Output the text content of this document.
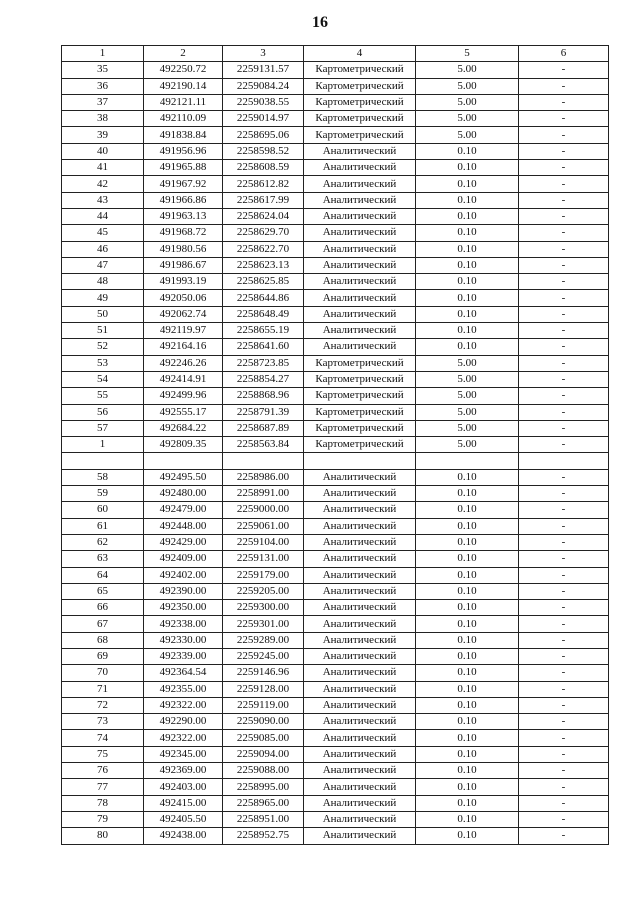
16
1	2	3	4	5	6
35	492250.72	2259131.57	Картометрический	5.00	-
36	492190.14	2259084.24	Картометрический	5.00	-
37	492121.11	2259038.55	Картометрический	5.00	-
38	492110.09	2259014.97	Картометрический	5.00	-
39	491838.84	2258695.06	Картометрический	5.00	-
40	491956.96	2258598.52	Аналитический	0.10	-
41	491965.88	2258608.59	Аналитический	0.10	-
42	491967.92	2258612.82	Аналитический	0.10	-
43	491966.86	2258617.99	Аналитический	0.10	-
44	491963.13	2258624.04	Аналитический	0.10	-
45	491968.72	2258629.70	Аналитический	0.10	-
46	491980.56	2258622.70	Аналитический	0.10	-
47	491986.67	2258623.13	Аналитический	0.10	-
48	491993.19	2258625.85	Аналитический	0.10	-
49	492050.06	2258644.86	Аналитический	0.10	-
50	492062.74	2258648.49	Аналитический	0.10	-
51	492119.97	2258655.19	Аналитический	0.10	-
52	492164.16	2258641.60	Аналитический	0.10	-
53	492246.26	2258723.85	Картометрический	5.00	-
54	492414.91	2258854.27	Картометрический	5.00	-
55	492499.96	2258868.96	Картометрический	5.00	-
56	492555.17	2258791.39	Картометрический	5.00	-
57	492684.22	2258687.89	Картометрический	5.00	-
1	492809.35	2258563.84	Картометрический	5.00	-

58	492495.50	2258986.00	Аналитический	0.10	-
59	492480.00	2258991.00	Аналитический	0.10	-
60	492479.00	2259000.00	Аналитический	0.10	-
61	492448.00	2259061.00	Аналитический	0.10	-
62	492429.00	2259104.00	Аналитический	0.10	-
63	492409.00	2259131.00	Аналитический	0.10	-
64	492402.00	2259179.00	Аналитический	0.10	-
65	492390.00	2259205.00	Аналитический	0.10	-
66	492350.00	2259300.00	Аналитический	0.10	-
67	492338.00	2259301.00	Аналитический	0.10	-
68	492330.00	2259289.00	Аналитический	0.10	-
69	492339.00	2259245.00	Аналитический	0.10	-
70	492364.54	2259146.96	Аналитический	0.10	-
71	492355.00	2259128.00	Аналитический	0.10	-
72	492322.00	2259119.00	Аналитический	0.10	-
73	492290.00	2259090.00	Аналитический	0.10	-
74	492322.00	2259085.00	Аналитический	0.10	-
75	492345.00	2259094.00	Аналитический	0.10	-
76	492369.00	2259088.00	Аналитический	0.10	-
77	492403.00	2258995.00	Аналитический	0.10	-
78	492415.00	2258965.00	Аналитический	0.10	-
79	492405.50	2258951.00	Аналитический	0.10	-
80	492438.00	2258952.75	Аналитический	0.10	-
